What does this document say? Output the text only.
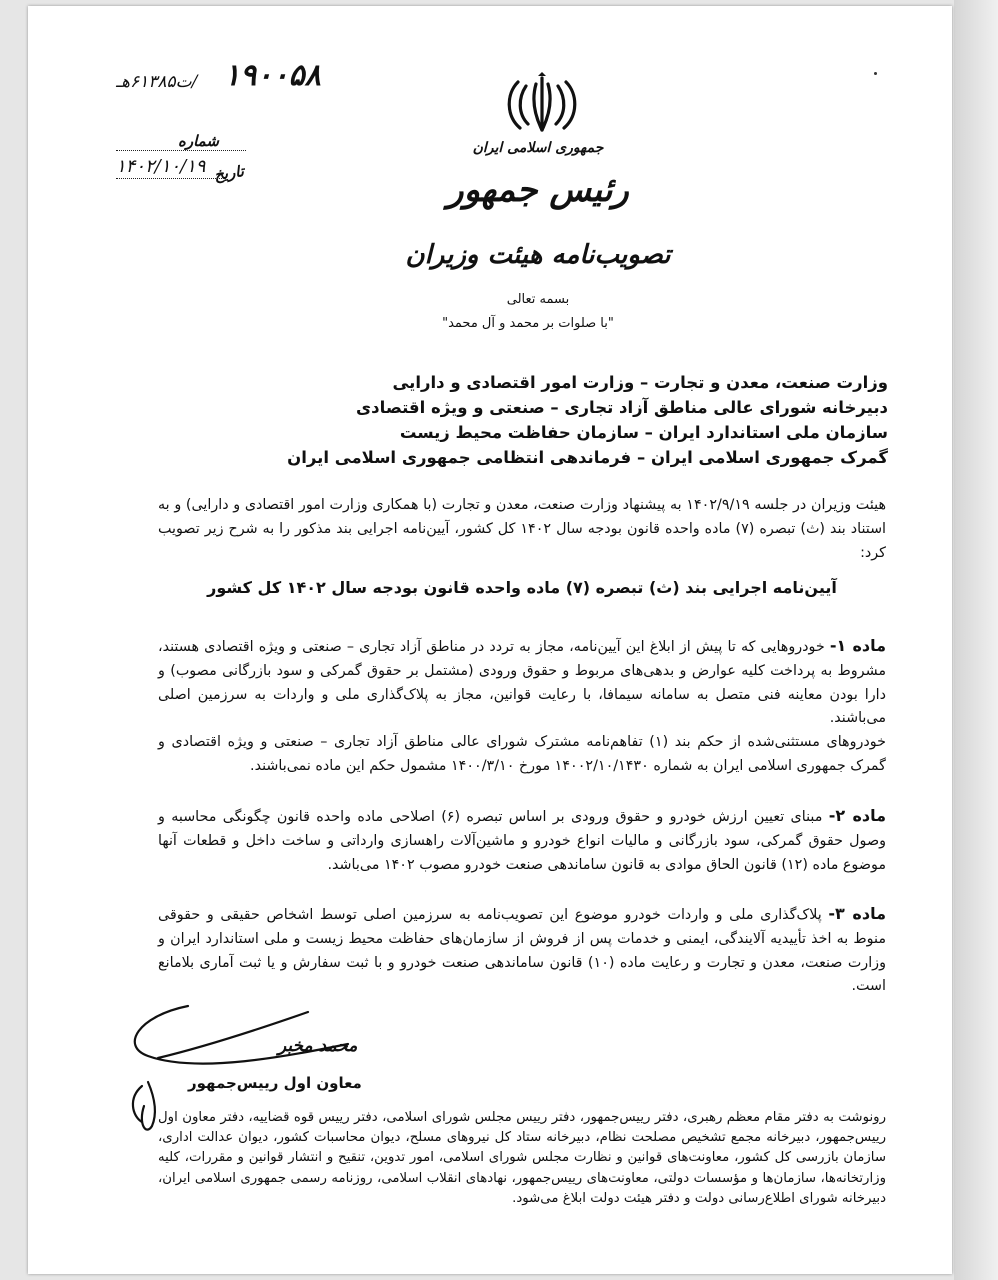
۱۹۰۰۵۸
/ت۶۱۳۸۵هـ
شماره
تاریخ
۱۴۰۲/۱۰/۱۹
جمهوری اسلامی ایران
رئیس جمهور
تصویب‌نامه هیئت وزیران
بسمه تعالی
"با صلوات بر محمد و آل محمد"
وزارت صنعت، معدن و تجارت – وزارت امور اقتصادی و دارایی
دبیرخانه شورای عالی مناطق آزاد تجاری – صنعتی و ویژه اقتصادی
سازمان ملی استاندارد ایران – سازمان حفاظت محیط زیست
گمرک جمهوری اسلامی ایران – فرماندهی انتظامی جمهوری اسلامی ایران
هیئت وزیران در جلسه ۱۴۰۲/۹/۱۹ به پیشنهاد وزارت صنعت، معدن و تجارت (با همکاری وزارت امور اقتصادی و دارایی) و به استناد بند (ث) تبصره (۷) ماده واحده قانون بودجه سال ۱۴۰۲ کل کشور، آیین‌نامه اجرایی بند مذکور را به شرح زیر تصویب کرد:
آیین‌نامه اجرایی بند (ث) تبصره (۷) ماده واحده قانون بودجه سال ۱۴۰۲ کل کشور
ماده ۱- خودروهایی که تا پیش از ابلاغ این آیین‌نامه، مجاز به تردد در مناطق آزاد تجاری – صنعتی و ویژه اقتصادی هستند، مشروط به پرداخت کلیه عوارض و بدهی‌های مربوط و حقوق ورودی (مشتمل بر حقوق گمرکی و سود بازرگانی مصوب) و دارا بودن معاینه فنی متصل به سامانه سیمافا، با رعایت قوانین، مجاز به پلاک‌گذاری ملی و واردات به سرزمین اصلی می‌باشند.
خودروهای مستثنی‌شده از حکم بند (۱) تفاهم‌نامه مشترک شورای عالی مناطق آزاد تجاری – صنعتی و ویژه اقتصادی و گمرک جمهوری اسلامی ایران به شماره ۱۴۰۰۲/۱۰/۱۴۳۰ مورخ ۱۴۰۰/۳/۱۰ مشمول حکم این ماده نمی‌باشند.
ماده ۲- مبنای تعیین ارزش خودرو و حقوق ورودی بر اساس تبصره (۶) اصلاحی ماده واحده قانون چگونگی محاسبه و وصول حقوق گمرکی، سود بازرگانی و مالیات انواع خودرو و ماشین‌آلات راهسازی وارداتی و ساخت داخل و قطعات آنها موضوع ماده (۱۲) قانون الحاق موادی به قانون ساماندهی صنعت خودرو مصوب ۱۴۰۲ می‌باشد.
ماده ۳- پلاک‌گذاری ملی و واردات خودرو موضوع این تصویب‌نامه به سرزمین اصلی توسط اشخاص حقیقی و حقوقی منوط به اخذ تأییدیه آلایندگی، ایمنی و خدمات پس از فروش از سازمان‌های حفاظت محیط زیست و ملی استاندارد ایران و وزارت صنعت، معدن و تجارت و رعایت ماده (۱۰) قانون ساماندهی صنعت خودرو و با ثبت سفارش و یا ثبت آماری بلامانع است.
محمد مخبر
معاون اول رییس‌جمهور
رونوشت به دفتر مقام معظم رهبری، دفتر رییس‌جمهور، دفتر رییس مجلس شورای اسلامی، دفتر رییس قوه قضاییه، دفتر معاون اول رییس‌جمهور، دبیرخانه مجمع تشخیص مصلحت نظام، دبیرخانه ستاد کل نیروهای مسلح، دیوان محاسبات کشور، دیوان عدالت اداری، سازمان بازرسی کل کشور، معاونت‌های قوانین و نظارت مجلس شورای اسلامی، امور تدوین، تنقیح و انتشار قوانین و مقررات، کلیه وزارتخانه‌ها، سازمان‌ها و مؤسسات دولتی، معاونت‌های رییس‌جمهور، نهادهای انقلاب اسلامی، روزنامه رسمی جمهوری اسلامی ایران، دبیرخانه شورای اطلاع‌رسانی دولت و دفتر هیئت دولت ابلاغ می‌شود.
